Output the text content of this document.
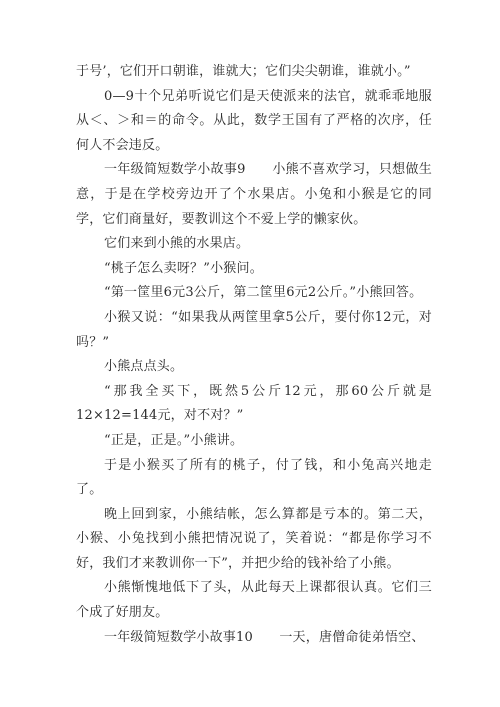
于号’，它们开口朝谁，谁就大；它们尖尖朝谁，谁就小。”

0—9十个兄弟听说它们是天使派来的法官，就乖乖地服从＜、＞和＝的命令。从此，数学王国有了严格的次序，任何人不会违反。

一年级简短数学小故事9　　小熊不喜欢学习，只想做生意，于是在学校旁边开了个水果店。小兔和小猴是它的同学，它们商量好，要教训这个不爱上学的懒家伙。

它们来到小熊的水果店。

“桃子怎么卖呀？”小猴问。

“第一筐里6元3公斤，第二筐里6元2公斤。”小熊回答。

小猴又说：“如果我从两筐里拿5公斤，要付你12元，对吗？”

小熊点点头。

“那我全买下，既然5公斤12元，那60公斤就是12×12=144元，对不对？”

“正是，正是。”小熊讲。

于是小猴买了所有的桃子，付了钱，和小兔高兴地走了。

晚上回到家，小熊结帐，怎么算都是亏本的。第二天，小猴、小兔找到小熊把情况说了，笑着说：“都是你学习不好，我们才来教训你一下”，并把少给的钱补给了小熊。

小熊惭愧地低下了头，从此每天上课都很认真。它们三个成了好朋友。

一年级简短数学小故事10　　一天，唐僧命徒弟悟空、
